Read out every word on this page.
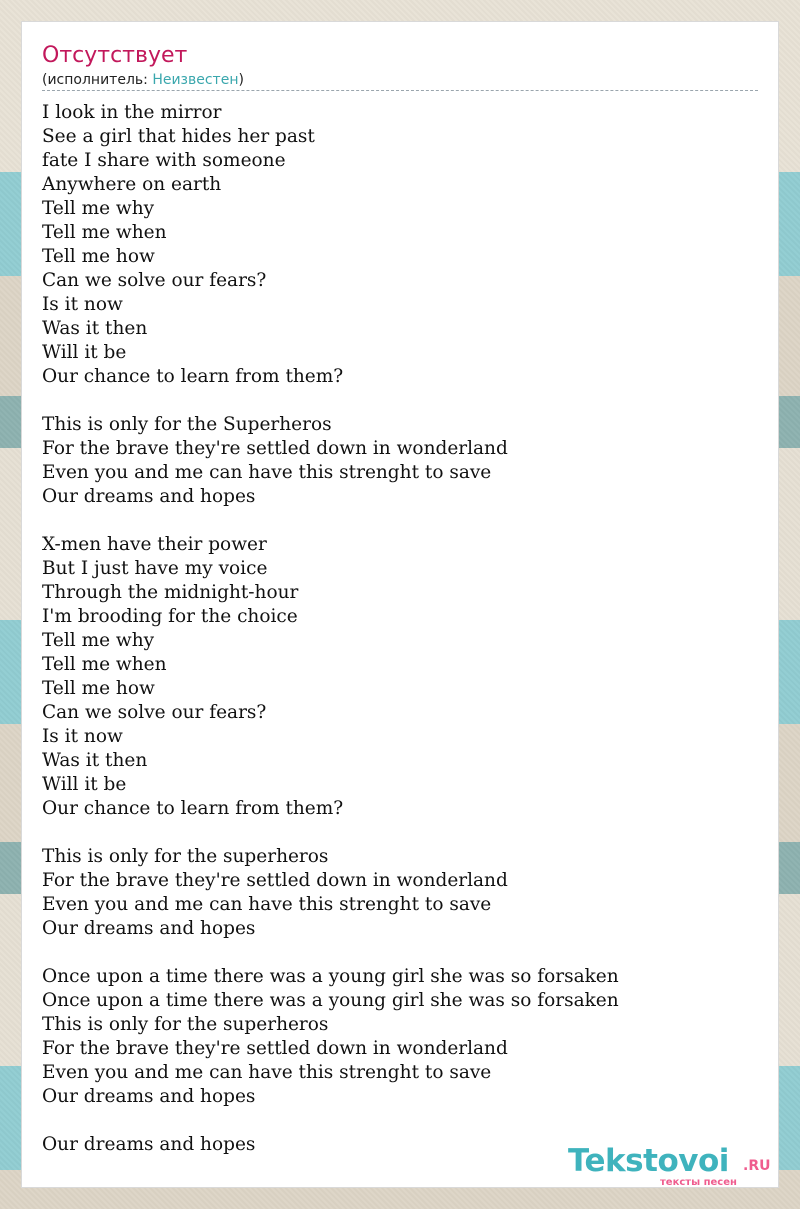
Отсутствует
(исполнитель: Неизвестен)
I look in the mirror
See a girl that hides her past
fate I share with someone
Anywhere on earth
Tell me why
Tell me when
Tell me how
Can we solve our fears?
Is it now
Was it then
Will it be
Our chance to learn from them?
This is only for the Superheros
For the brave they're settled down in wonderland
Even you and me can have this strenght to save
Our dreams and hopes
X-men have their power
But I just have my voice
Through the midnight-hour
I'm brooding for the choice
Tell me why
Tell me when
Tell me how
Can we solve our fears?
Is it now
Was it then
Will it be
Our chance to learn from them?
This is only for the superheros
For the brave they're settled down in wonderland
Even you and me can have this strenght to save
Our dreams and hopes
Once upon a time there was a young girl she was so forsaken
Once upon a time there was a young girl she was so forsaken
This is only for the superheros
For the brave they're settled down in wonderland
Even you and me can have this strenght to save
Our dreams and hopes
Our dreams and hopes	Tekstovoi .RU
тексты песен
